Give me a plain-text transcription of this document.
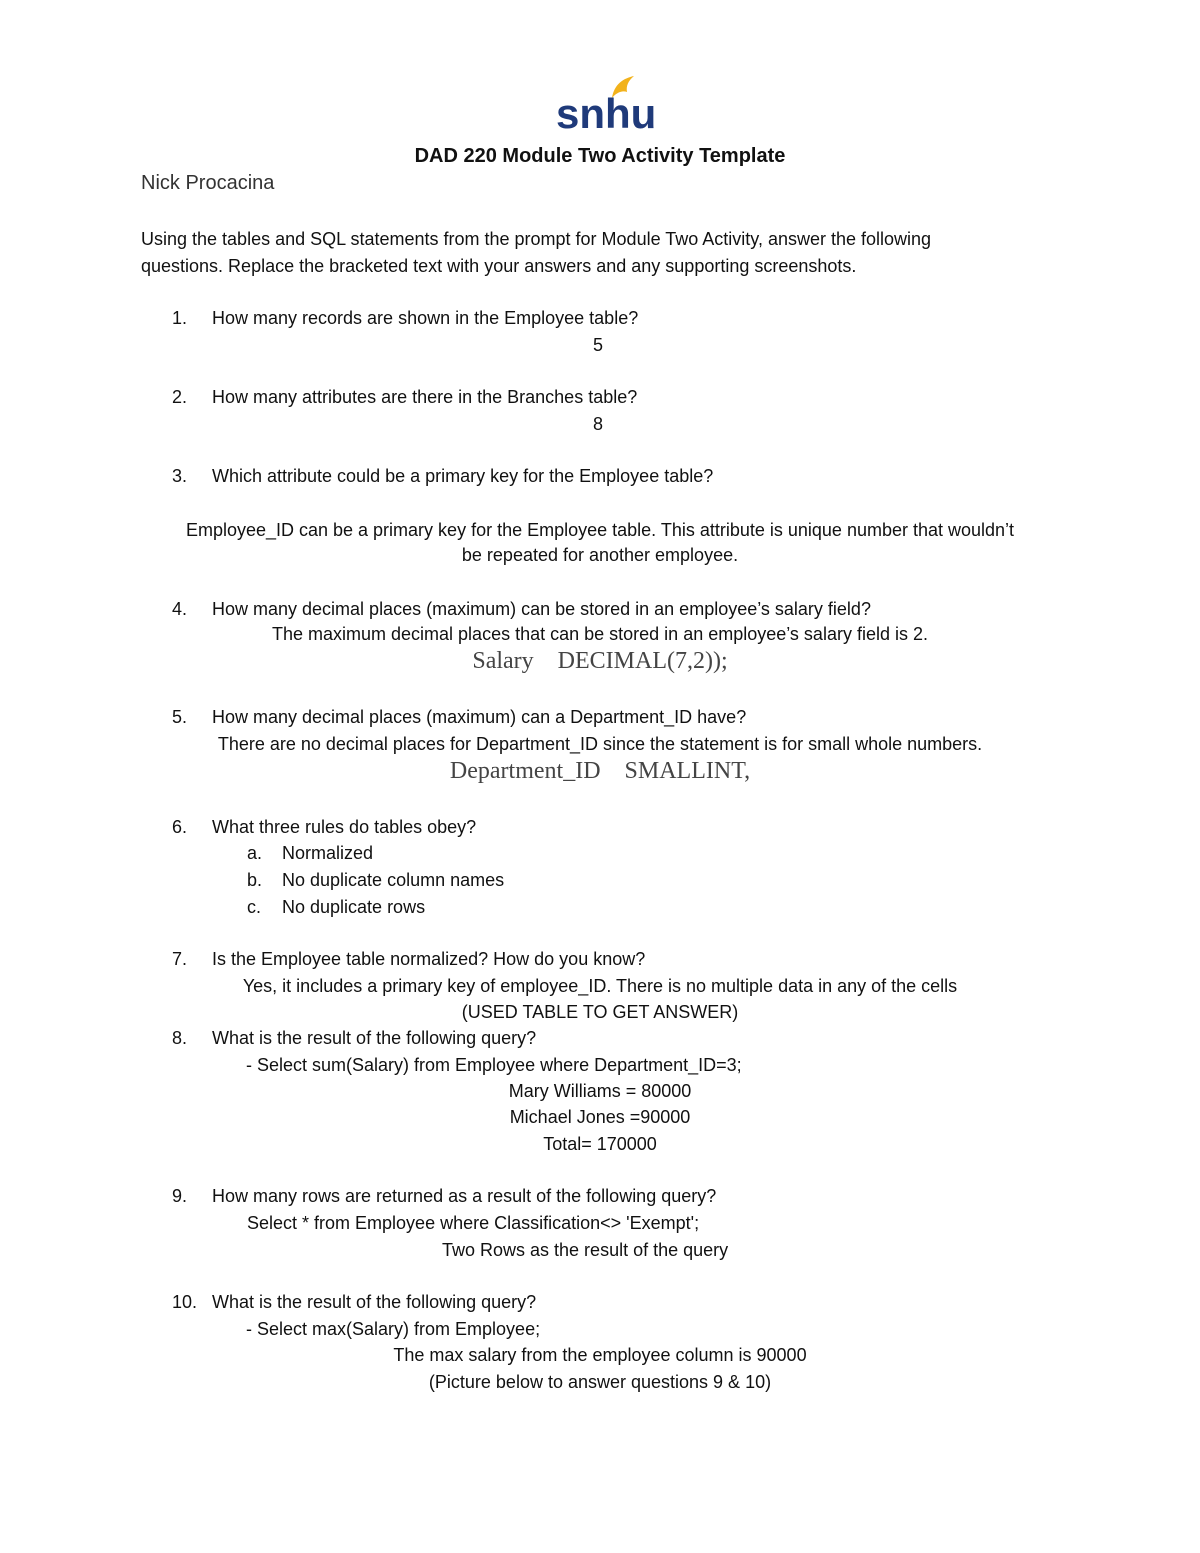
snhu
DAD 220 Module Two Activity Template
Nick Procacina
Using the tables and SQL statements from the prompt for Module Two Activity, answer the following
questions. Replace the bracketed text with your answers and any supporting screenshots.
1. How many records are shown in the Employee table?
5
2. How many attributes are there in the Branches table?
8
3. Which attribute could be a primary key for the Employee table?
Employee_ID can be a primary key for the Employee table. This attribute is unique number that wouldn’t
be repeated for another employee.
4. How many decimal places (maximum) can be stored in an employee’s salary field?
The maximum decimal places that can be stored in an employee’s salary field is 2.
Salary    DECIMAL(7,2));
5. How many decimal places (maximum) can a Department_ID have?
There are no decimal places for Department_ID since the statement is for small whole numbers.
Department_ID    SMALLINT,
6. What three rules do tables obey?
a. Normalized
b. No duplicate column names
c. No duplicate rows
7. Is the Employee table normalized? How do you know?
Yes, it includes a primary key of employee_ID. There is no multiple data in any of the cells
(USED TABLE TO GET ANSWER)
8. What is the result of the following query?
- Select sum(Salary) from Employee where Department_ID=3;
Mary Williams = 80000
Michael Jones =90000
Total= 170000
9. How many rows are returned as a result of the following query?
Select * from Employee where Classification<> 'Exempt';
Two Rows as the result of the query
10. What is the result of the following query?
- Select max(Salary) from Employee;
The max salary from the employee column is 90000
(Picture below to answer questions 9 & 10)
